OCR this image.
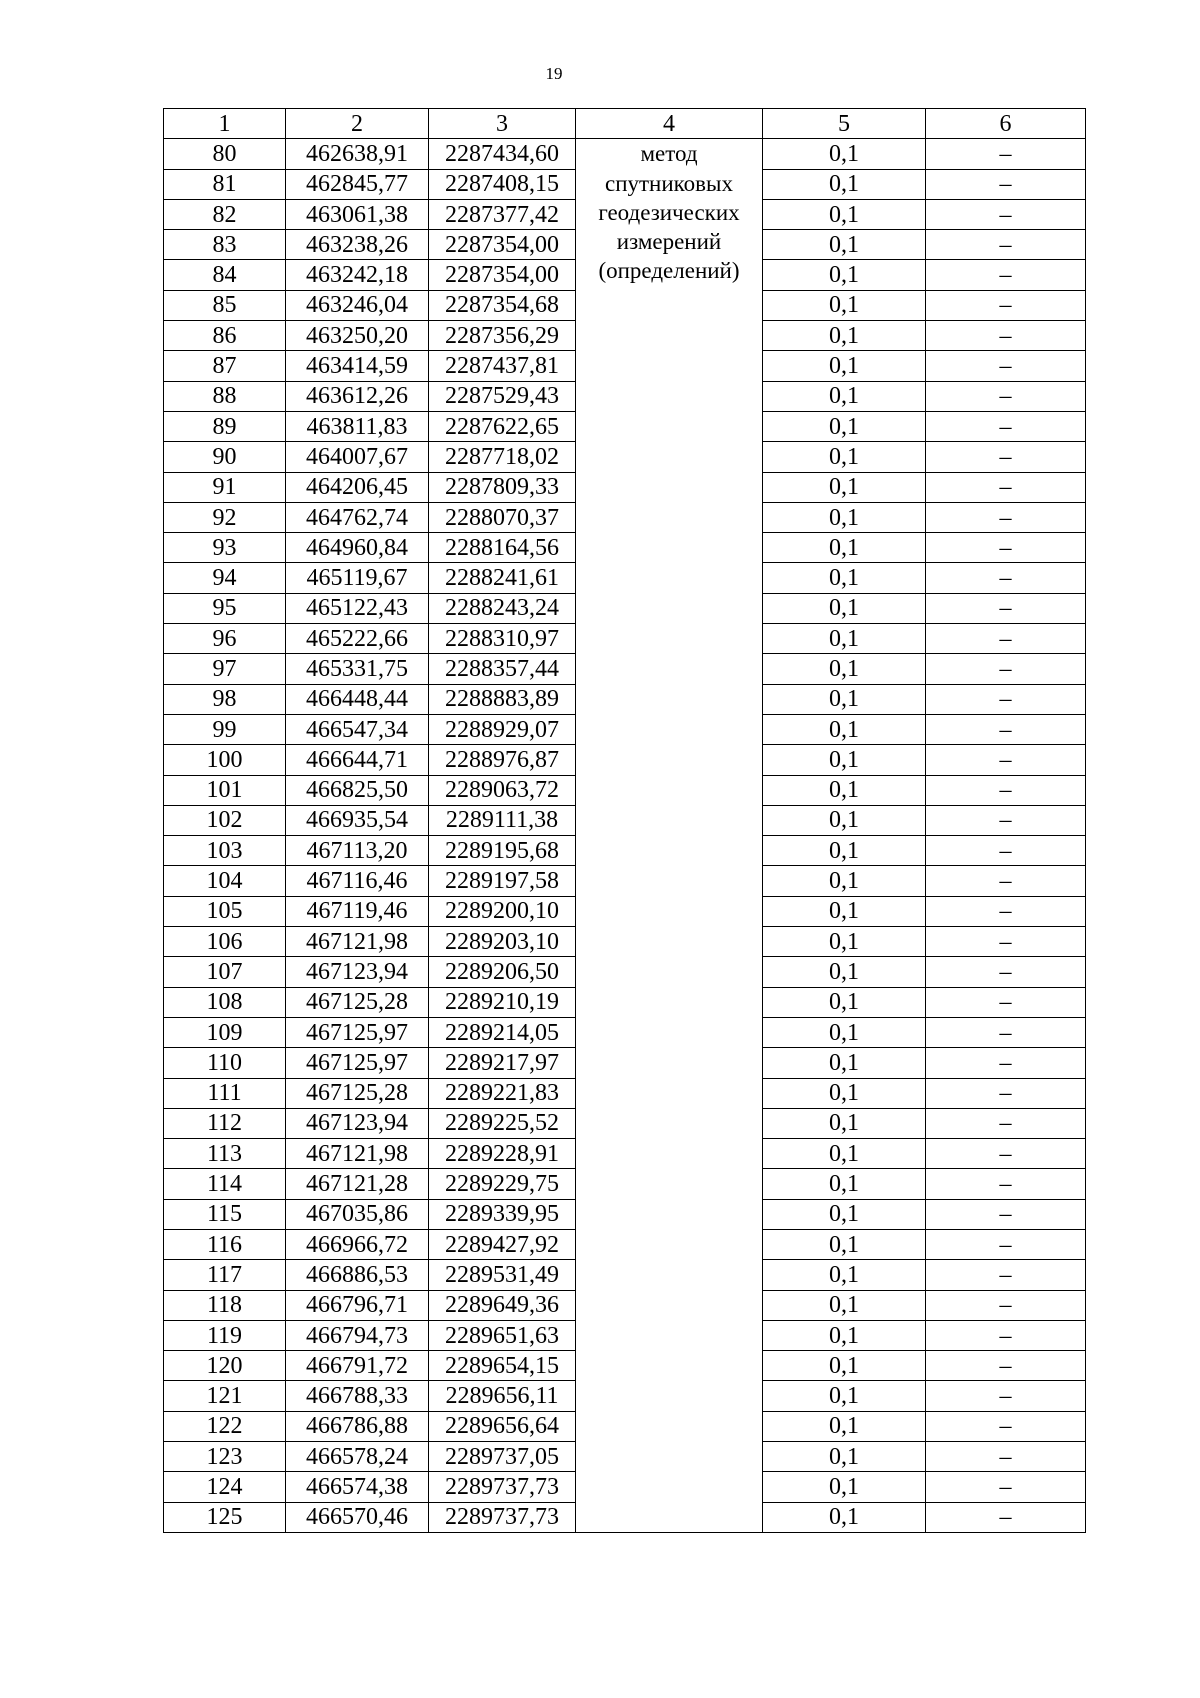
19
1	2	3	4	5	6
80	462638,91	2287434,60	метод
спутниковых
геодезических
измерений
(определений)	0,1	–
81	462845,77	2287408,15		0,1	–
82	463061,38	2287377,42		0,1	–
83	463238,26	2287354,00		0,1	–
84	463242,18	2287354,00		0,1	–
85	463246,04	2287354,68		0,1	–
86	463250,20	2287356,29		0,1	–
87	463414,59	2287437,81		0,1	–
88	463612,26	2287529,43		0,1	–
89	463811,83	2287622,65		0,1	–
90	464007,67	2287718,02		0,1	–
91	464206,45	2287809,33		0,1	–
92	464762,74	2288070,37		0,1	–
93	464960,84	2288164,56		0,1	–
94	465119,67	2288241,61		0,1	–
95	465122,43	2288243,24		0,1	–
96	465222,66	2288310,97		0,1	–
97	465331,75	2288357,44		0,1	–
98	466448,44	2288883,89		0,1	–
99	466547,34	2288929,07		0,1	–
100	466644,71	2288976,87		0,1	–
101	466825,50	2289063,72		0,1	–
102	466935,54	2289111,38		0,1	–
103	467113,20	2289195,68		0,1	–
104	467116,46	2289197,58		0,1	–
105	467119,46	2289200,10		0,1	–
106	467121,98	2289203,10		0,1	–
107	467123,94	2289206,50		0,1	–
108	467125,28	2289210,19		0,1	–
109	467125,97	2289214,05		0,1	–
110	467125,97	2289217,97		0,1	–
111	467125,28	2289221,83		0,1	–
112	467123,94	2289225,52		0,1	–
113	467121,98	2289228,91		0,1	–
114	467121,28	2289229,75		0,1	–
115	467035,86	2289339,95		0,1	–
116	466966,72	2289427,92		0,1	–
117	466886,53	2289531,49		0,1	–
118	466796,71	2289649,36		0,1	–
119	466794,73	2289651,63		0,1	–
120	466791,72	2289654,15		0,1	–
121	466788,33	2289656,11		0,1	–
122	466786,88	2289656,64		0,1	–
123	466578,24	2289737,05		0,1	–
124	466574,38	2289737,73		0,1	–
125	466570,46	2289737,73		0,1	–
